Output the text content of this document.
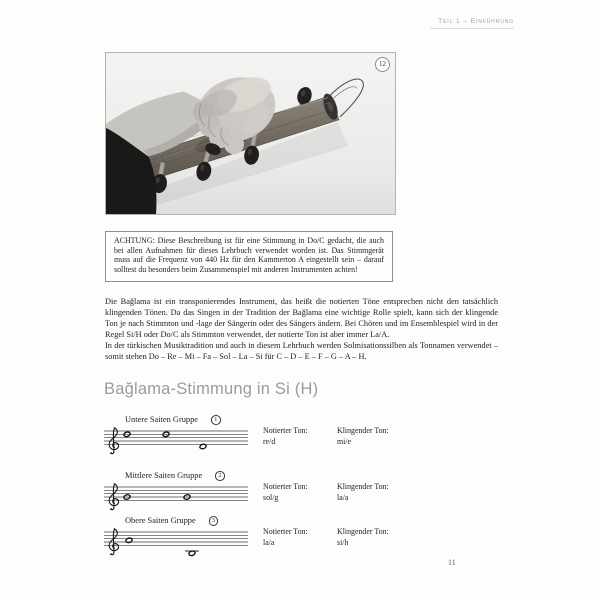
Teil 1 – Einführung
12

ACHTUNG: Diese Beschreibung ist für eine Stimmung in Do/C gedacht, die auch bei allen Aufnahmen für dieses Lehrbuch verwendet worden ist. Das Stimmgerät muss auf die Frequenz von 440 Hz für den Kammerton A eingestellt sein – darauf solltest du besonders beim Zusammenspiel mit anderen Instrumenten achten!

Die Bağlama ist ein transponierendes Instrument, das heißt die notierten Töne entsprechen nicht den tatsächlich klingenden Tönen. Da das Singen in der Tradition der Bağlama eine wichtige Rolle spielt, kann sich der klingende Ton je nach Stimmton und -lage der Sängerin oder des Sängers ändern. Bei Chören und im Ensemblespiel wird in der Regel Si/H oder Do/C als Stimmton verwendet, der notierte Ton ist aber immer La/A.

In der türkischen Musiktradition und auch in diesem Lehrbuch werden Solmisationssilben als Tonnamen verwendet – somit stehen Do – Re – Mi – Fa – Sol – La – Si für C – D – E – F – G – A – H.

Bağlama-Stimmung in Si (H)
Untere Saiten Gruppe	1
Notierter Ton:
re/d
Klingender Ton:
mi/e
Mittlere Saiten Gruppe	2
Notierter Ton:
sol/g
Klingender Ton:
la/a
Obere Saiten Gruppe	3
Notierter Ton:
la/a
Klingender Ton:
si/h
11
